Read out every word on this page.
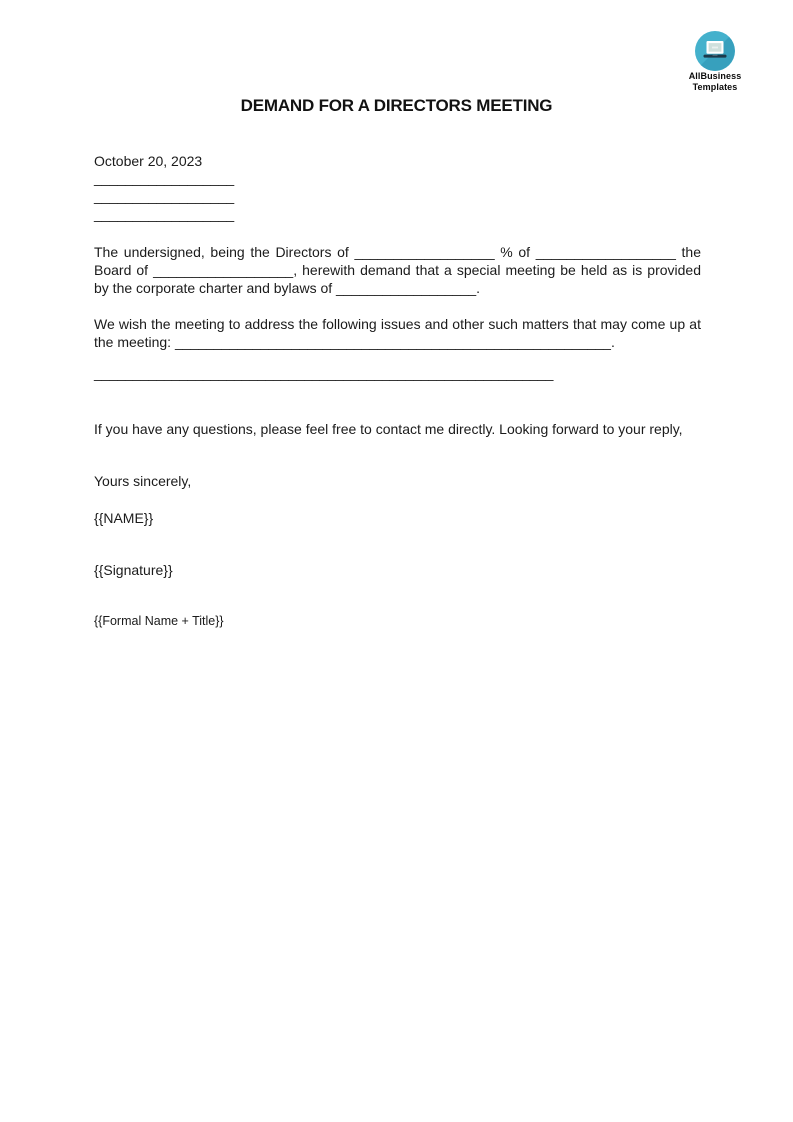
AllBusiness
Templates
DEMAND FOR A DIRECTORS MEETING
October 20, 2023
__________________
__________________
__________________
The undersigned, being the Directors of __________________ % of __________________ the Board of __________________, herewith demand that a special meeting be held as is provided by the corporate charter and bylaws of __________________.
We wish the meeting to address the following issues and other such matters that may come up at the meeting: ________________________________________________________.
___________________________________________________________
If you have any questions, please feel free to contact me directly. Looking forward to your reply,
Yours sincerely,
{{NAME}}
{{Signature}}
{{Formal Name + Title}}
